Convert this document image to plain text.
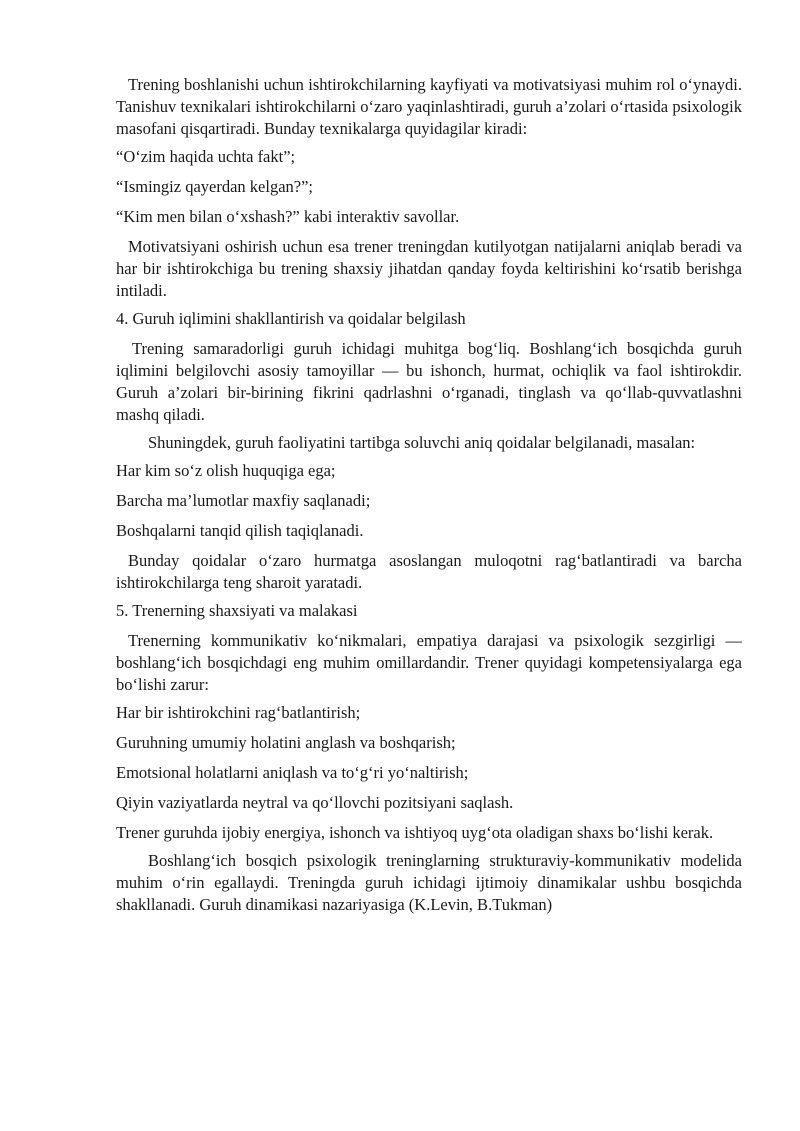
Trening boshlanishi uchun ishtirokchilarning kayfiyati va motivatsiyasi muhim rol o‘ynaydi. Tanishuv texnikalari ishtirokchilarni o‘zaro yaqinlashtiradi, guruh a’zolari o‘rtasida psixologik masofani qisqartiradi. Bunday texnikalarga quyidagilar kiradi:

“O‘zim haqida uchta fakt”;

“Ismingiz qayerdan kelgan?”;

“Kim men bilan o‘xshash?” kabi interaktiv savollar.

Motivatsiyani oshirish uchun esa trener treningdan kutilyotgan natijalarni aniqlab beradi va har bir ishtirokchiga bu trening shaxsiy jihatdan qanday foyda keltirishini ko‘rsatib berishga intiladi.

4. Guruh iqlimini shakllantirish va qoidalar belgilash

Trening samaradorligi guruh ichidagi muhitga bog‘liq. Boshlang‘ich bosqichda guruh iqlimini belgilovchi asosiy tamoyillar — bu ishonch, hurmat, ochiqlik va faol ishtirokdir. Guruh a’zolari bir-birining fikrini qadrlashni o‘rganadi, tinglash va qo‘llab-quvvatlashni mashq qiladi.

Shuningdek, guruh faoliyatini tartibga soluvchi aniq qoidalar belgilanadi, masalan:

Har kim so‘z olish huquqiga ega;

Barcha ma’lumotlar maxfiy saqlanadi;

Boshqalarni tanqid qilish taqiqlanadi.

Bunday qoidalar o‘zaro hurmatga asoslangan muloqotni rag‘batlantiradi va barcha ishtirokchilarga teng sharoit yaratadi.

5. Trenerning shaxsiyati va malakasi

Trenerning kommunikativ ko‘nikmalari, empatiya darajasi va psixologik sezgirligi — boshlang‘ich bosqichdagi eng muhim omillardandir. Trener quyidagi kompetensiyalarga ega bo‘lishi zarur:

Har bir ishtirokchini rag‘batlantirish;

Guruhning umumiy holatini anglash va boshqarish;

Emotsional holatlarni aniqlash va to‘g‘ri yo‘naltirish;

Qiyin vaziyatlarda neytral va qo‘llovchi pozitsiyani saqlash.

Trener guruhda ijobiy energiya, ishonch va ishtiyoq uyg‘ota oladigan shaxs bo‘lishi kerak.

Boshlang‘ich bosqich psixologik treninglarning strukturaviy-kommunikativ modelida muhim o‘rin egallaydi. Treningda guruh ichidagi ijtimoiy dinamikalar ushbu bosqichda shakllanadi. Guruh dinamikasi nazariyasiga (K.Levin, B.Tukman)
